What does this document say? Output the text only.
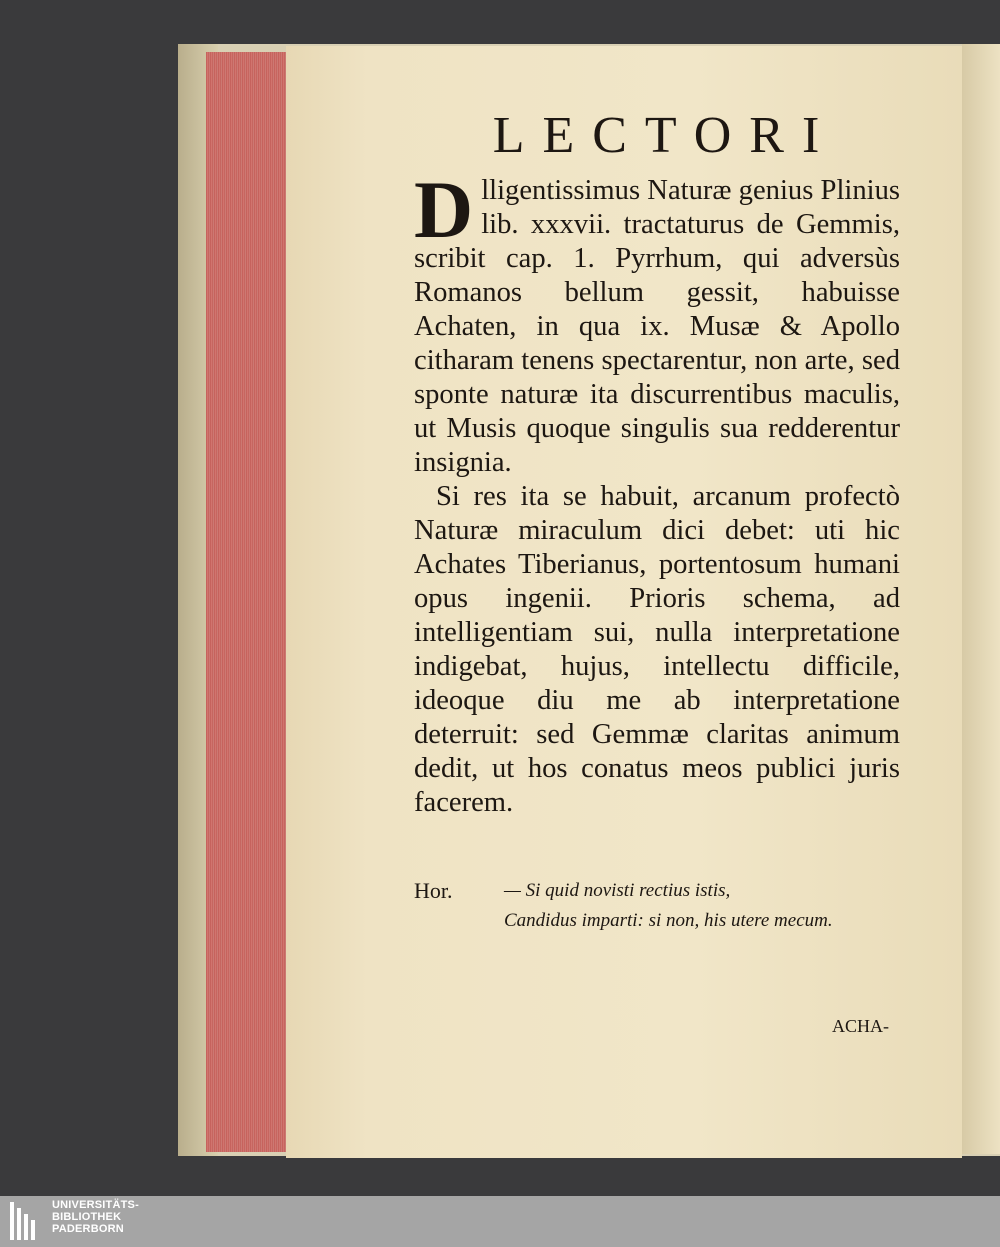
LECTORI

Dlligentissimus Naturæ genius Plinius lib. xxxvii. tractaturus de Gemmis, scribit cap. 1. Pyrrhum, qui adversùs Romanos bellum gessit, habuisse Achaten, in qua ix. Musæ & Apollo citharam tenens spectarentur, non arte, sed sponte naturæ ita discurrentibus maculis, ut Musis quoque singulis sua redderentur insignia.

Si res ita se habuit, arcanum profectò Naturæ miraculum dici debet: uti hic Achates Tiberianus, portentosum humani opus ingenii. Prioris schema, ad intelligentiam sui, nulla interpretatione indigebat, hujus, intellectu difficile, ideoque diu me ab interpretatione deterruit: sed Gemmæ claritas animum dedit, ut hos conatus meos publici juris facerem.

Hor.	— Si quid novisti rectius istis,
Candidus imparti: si non, his utere mecum.
ACHA-
UNIVERSITÄTS-
BIBLIOTHEK
PADERBORN
